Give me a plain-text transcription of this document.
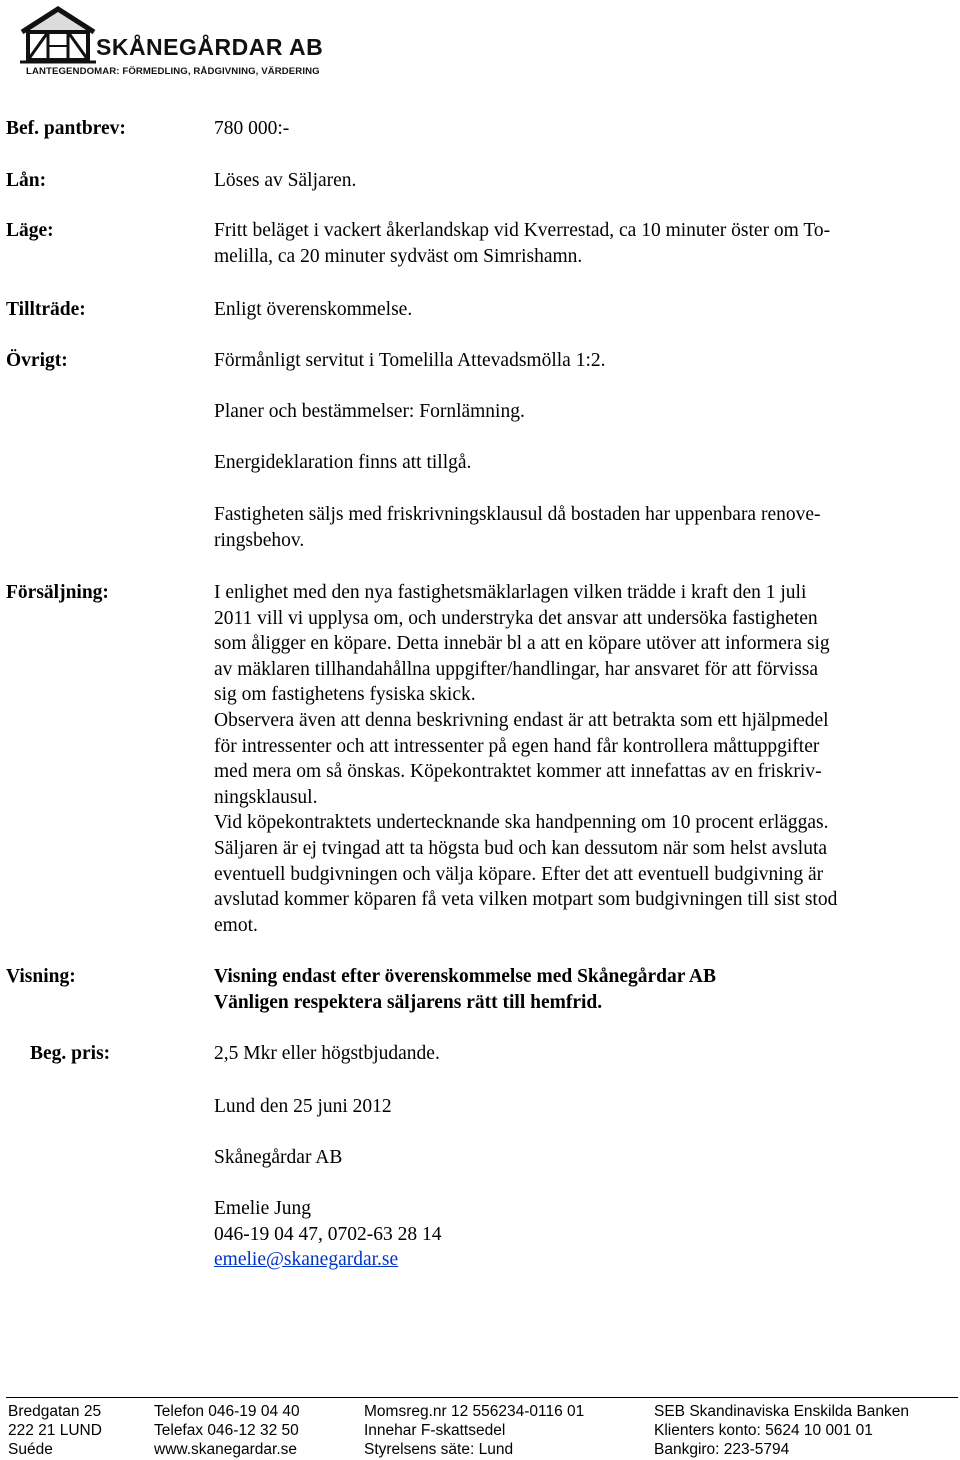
SKÅNEGÅRDAR AB
LANTEGENDOMAR: FÖRMEDLING, RÅDGIVNING, VÄRDERING
Bef. pantbrev:	780 000:-
Lån:	Löses av Säljaren.
Läge:	Fritt beläget i vackert åkerlandskap vid Kverrestad, ca 10 minuter öster om To-
melilla, ca 20 minuter sydväst om Simrishamn.
Tillträde:	Enligt överenskommelse.
Övrigt:	Förmånligt servitut i Tomelilla Attevadsmölla 1:2.
Planer och bestämmelser: Fornlämning.
Energideklaration finns att tillgå.
Fastigheten säljs med friskrivningsklausul då bostaden har uppenbara renove-
ringsbehov.
Försäljning:	I enlighet med den nya fastighetsmäklarlagen vilken trädde i kraft den 1 juli
2011 vill vi upplysa om, och understryka det ansvar att undersöka fastigheten
som åligger en köpare. Detta innebär bl a att en köpare utöver att informera sig
av mäklaren tillhandahållna uppgifter/handlingar, har ansvaret för att förvissa
sig om fastighetens fysiska skick.
Observera även att denna beskrivning endast är att betrakta som ett hjälpmedel
för intressenter och att intressenter på egen hand får kontrollera måttuppgifter
med mera om så önskas. Köpekontraktet kommer att innefattas av en friskriv-
ningsklausul.
Vid köpekontraktets undertecknande ska handpenning om 10 procent erläggas.
Säljaren är ej tvingad att ta högsta bud och kan dessutom när som helst avsluta
eventuell budgivningen och välja köpare. Efter det att eventuell budgivning är
avslutad kommer köparen få veta vilken motpart som budgivningen till sist stod
emot.
Visning:	Visning endast efter överenskommelse med Skånegårdar AB
Vänligen respektera säljarens rätt till hemfrid.
Beg. pris:	2,5 Mkr eller högstbjudande.
Lund den 25 juni 2012
Skånegårdar AB
Emelie Jung
046-19 04 47, 0702-63 28 14
emelie@skanegardar.se
Bredgatan 25
222 21 LUND
Suéde
Telefon 046-19 04 40
Telefax 046-12 32 50
www.skanegardar.se
Momsreg.nr 12 556234-0116 01
Innehar F-skattsedel
Styrelsens säte: Lund
SEB Skandinaviska Enskilda Banken
Klienters konto: 5624 10 001 01
Bankgiro: 223-5794
